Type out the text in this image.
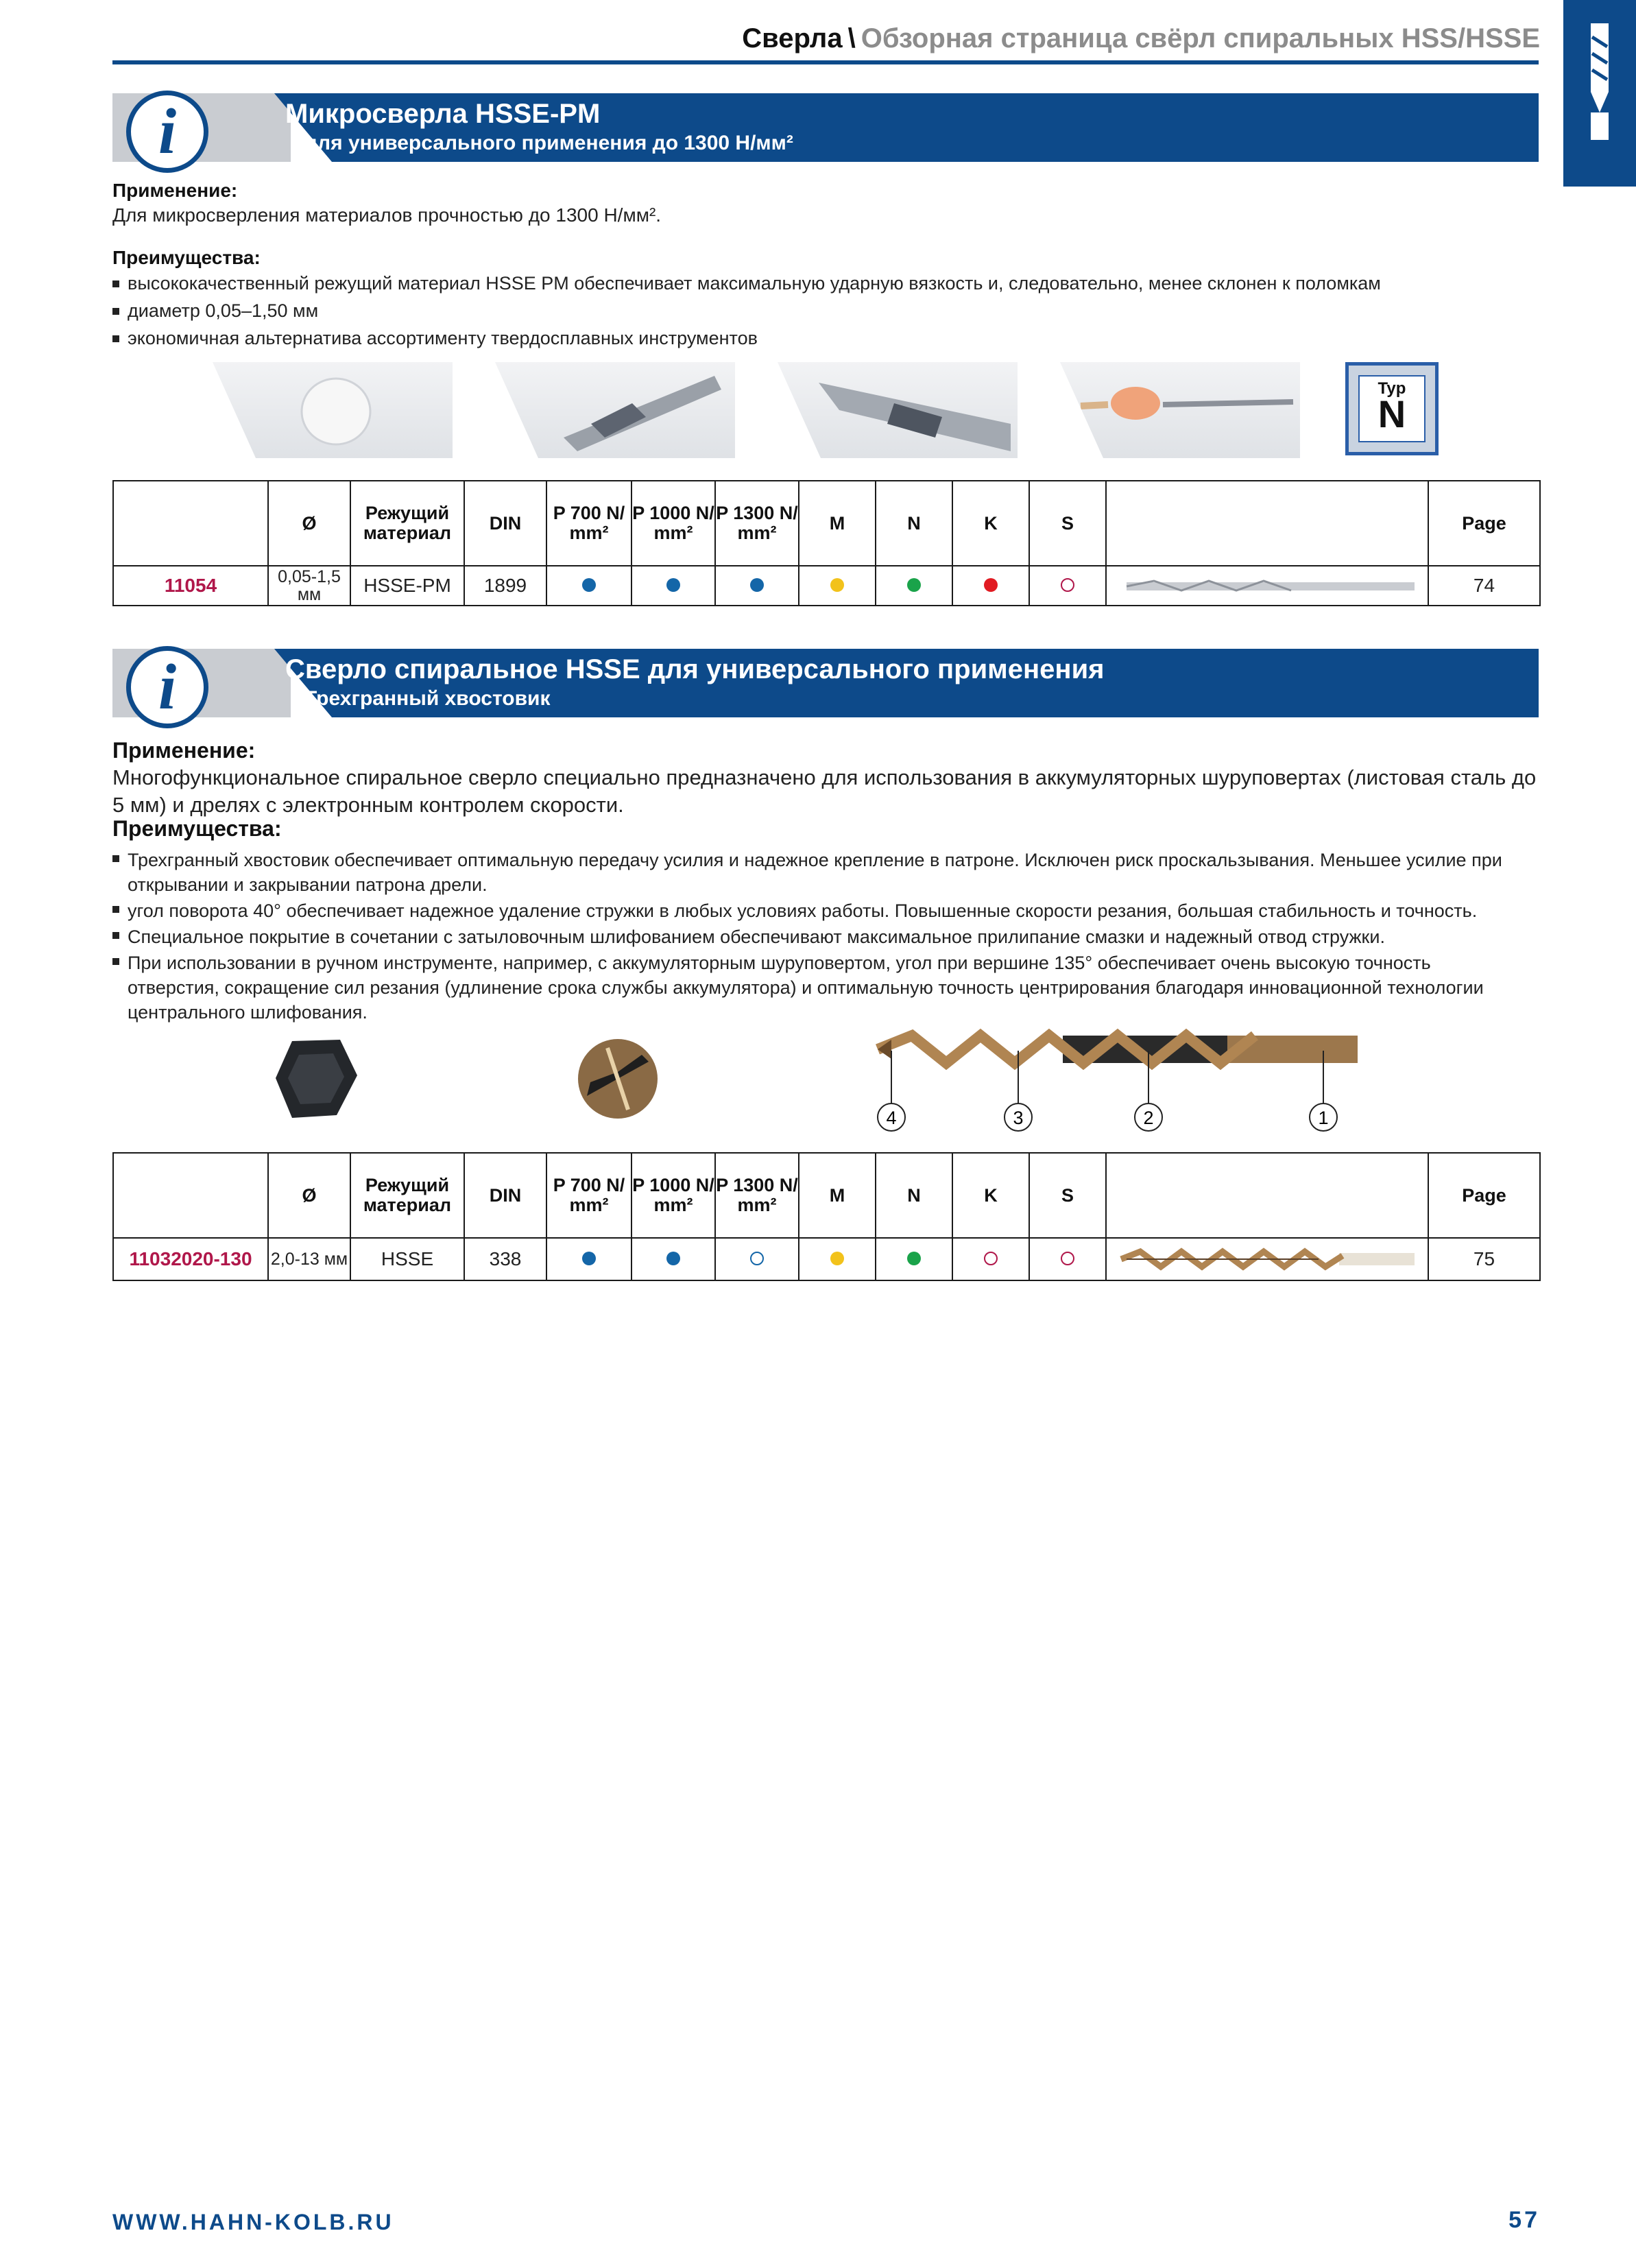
Сверла \ Обзорная страница свёрл спиральных HSS/HSSE
i	Микросверла HSSE-PM
для универсального применения до 1300 Н/мм²
Применение:
Для микросверления материалов прочностью до 1300 Н/мм².
Преимущества:
высококачественный режущий материал HSSE PM обеспечивает максимальную ударную вязкость и, следовательно, менее склонен к поломкам
диаметр 0,05–1,50 мм
экономичная альтернатива ассортименту твердосплавных инструментов
Typ
N
	Ø	Режущий материал	DIN	P 700 N/ mm²	P 1000 N/ mm²	P 1300 N/ mm²	M	N	K	S		Page
11054	0,05-1,5 мм	HSSE-PM	1899									74
i	Сверло спиральное HSSE для универсального применения
Трехгранный хвостовик
Применение:
Многофункциональное спиральное сверло специально предназначено для использования в аккумуляторных шуруповертах (листовая сталь до 5 мм) и дрелях с электронным контролем скорости.
Преимущества:
Трехгранный хвостовик обеспечивает оптимальную передачу усилия и надежное крепление в патроне. Исключен риск проскальзывания. Меньшее усилие при открывании и закрывании патрона дрели.
угол поворота 40° обеспечивает надежное удаление стружки в любых условиях работы. Повышенные скорости резания, большая стабильность и точность.
Специальное покрытие в сочетании с затыловочным шлифованием обеспечивают максимальное прилипание смазки и надежный отвод стружки.
При использовании в ручном инструменте, например, с аккумуляторным шуруповертом, угол при вершине 135° обеспечивает очень высокую точность отверстия, сокращение сил резания (удлинение срока службы аккумулятора) и оптимальную точность центрирования благодаря инновационной технологии центрального шлифования.
4	3	2	1
	Ø	Режущий материал	DIN	P 700 N/ mm²	P 1000 N/ mm²	P 1300 N/ mm²	M	N	K	S		Page
11032020-130	2,0-13 мм	HSSE	338									75
WWW.HAHN-KOLB.RU	57
